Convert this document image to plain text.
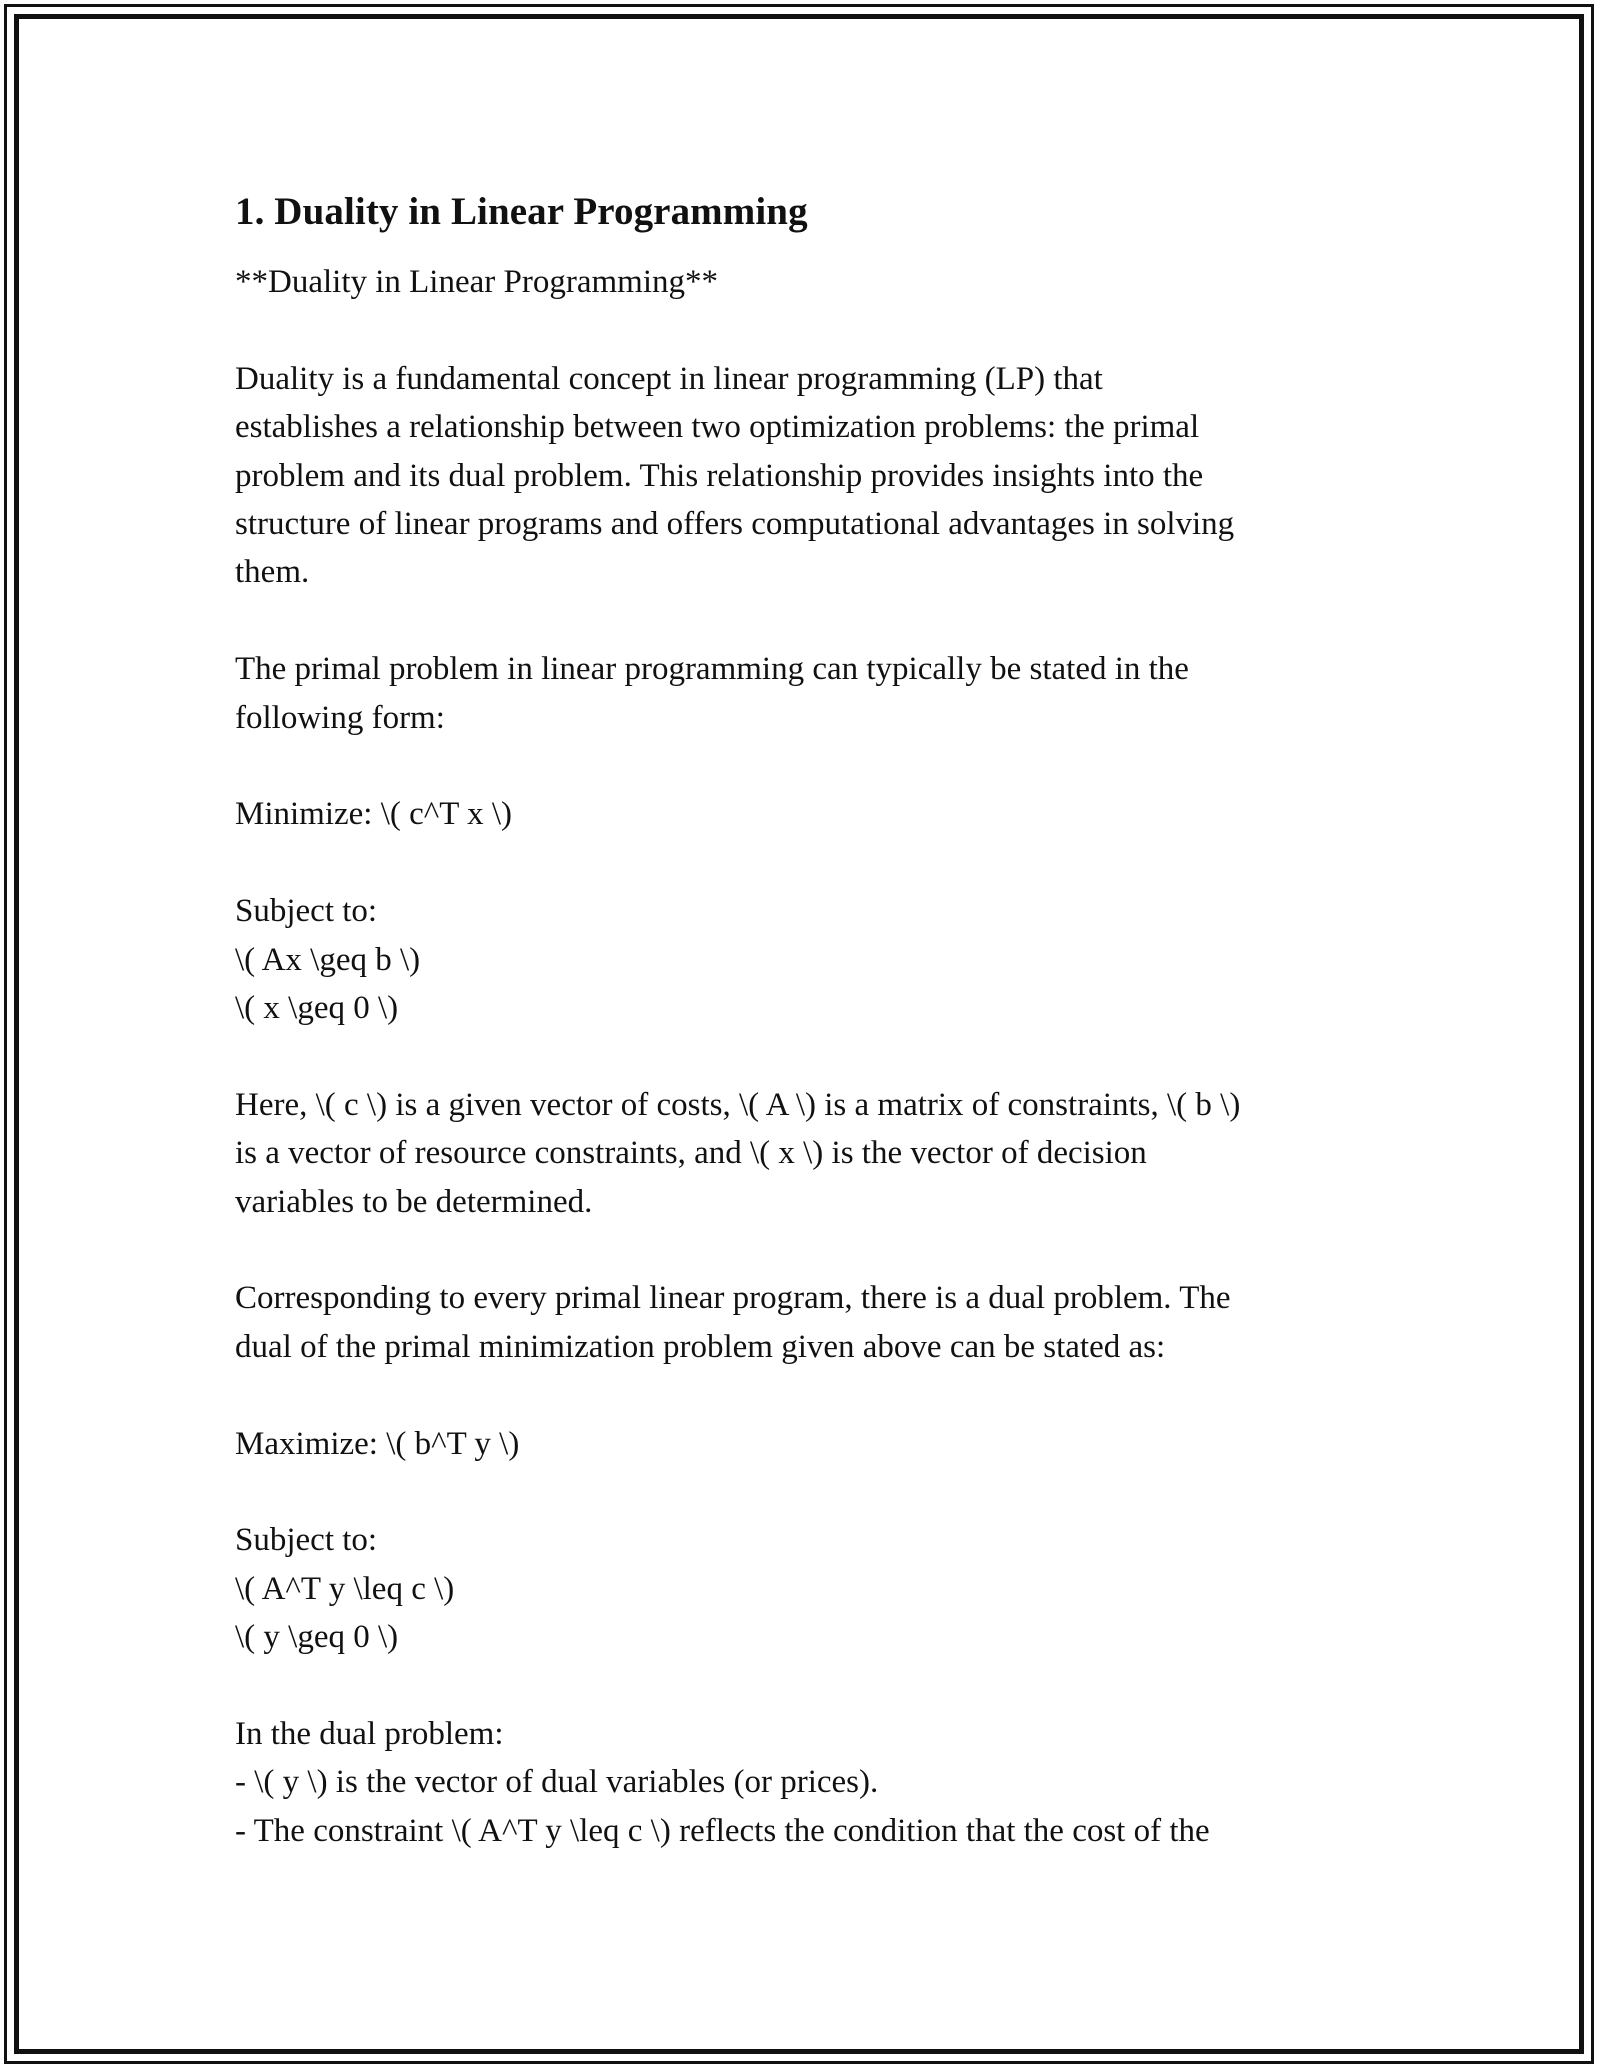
1. Duality in Linear Programming
**Duality in Linear Programming**
Duality is a fundamental concept in linear programming (LP) that
establishes a relationship between two optimization problems: the primal
problem and its dual problem. This relationship provides insights into the
structure of linear programs and offers computational advantages in solving
them.
The primal problem in linear programming can typically be stated in the
following form:
Minimize: \( c^T x \)
Subject to:
\( Ax \geq b \)
\( x \geq 0 \)
Here, \( c \) is a given vector of costs, \( A \) is a matrix of constraints, \( b \)
is a vector of resource constraints, and \( x \) is the vector of decision
variables to be determined.
Corresponding to every primal linear program, there is a dual problem. The
dual of the primal minimization problem given above can be stated as:
Maximize: \( b^T y \)
Subject to:
\( A^T y \leq c \)
\( y \geq 0 \)
In the dual problem:
- \( y \) is the vector of dual variables (or prices).
- The constraint \( A^T y \leq c \) reflects the condition that the cost of the
